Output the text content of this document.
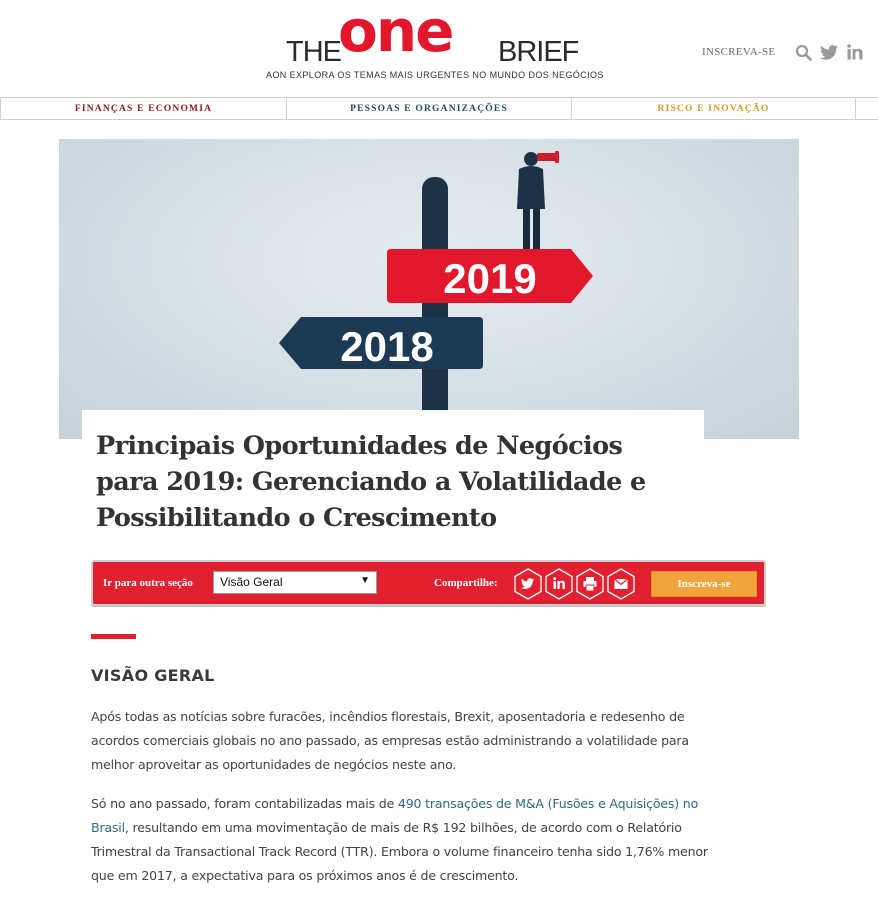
THE
one BRIEF
AON EXPLORA OS TEMAS MAIS URGENTES NO MUNDO DOS NEGÓCIOS
INSCREVA-SE
FINANÇAS E ECONOMIA	PESSOAS E ORGANIZAÇÕES	RISCO E INOVAÇÃO
2019
2018
Principais Oportunidades de Negócios para 2019: Gerenciando a Volatilidade e Possibilitando o Crescimento
Ir para outra seção	Visão Geral	▼	Compartilhe:	Inscreva-se
VISÃO GERAL

Após todas as notícias sobre furacões, incêndios florestais, Brexit, aposentadoria e redesenho de acordos comerciais globais no ano passado, as empresas estão administrando a volatilidade para melhor aproveitar as oportunidades de negócios neste ano.

Só no ano passado, foram contabilizadas mais de 490 transações de M&A (Fusões e Aquisições) no Brasil, resultando em uma movimentação de mais de R$ 192 bilhões, de acordo com o Relatório Trimestral da Transactional Track Record (TTR). Embora o volume financeiro tenha sido 1,76% menor que em 2017, a expectativa para os próximos anos é de crescimento.
